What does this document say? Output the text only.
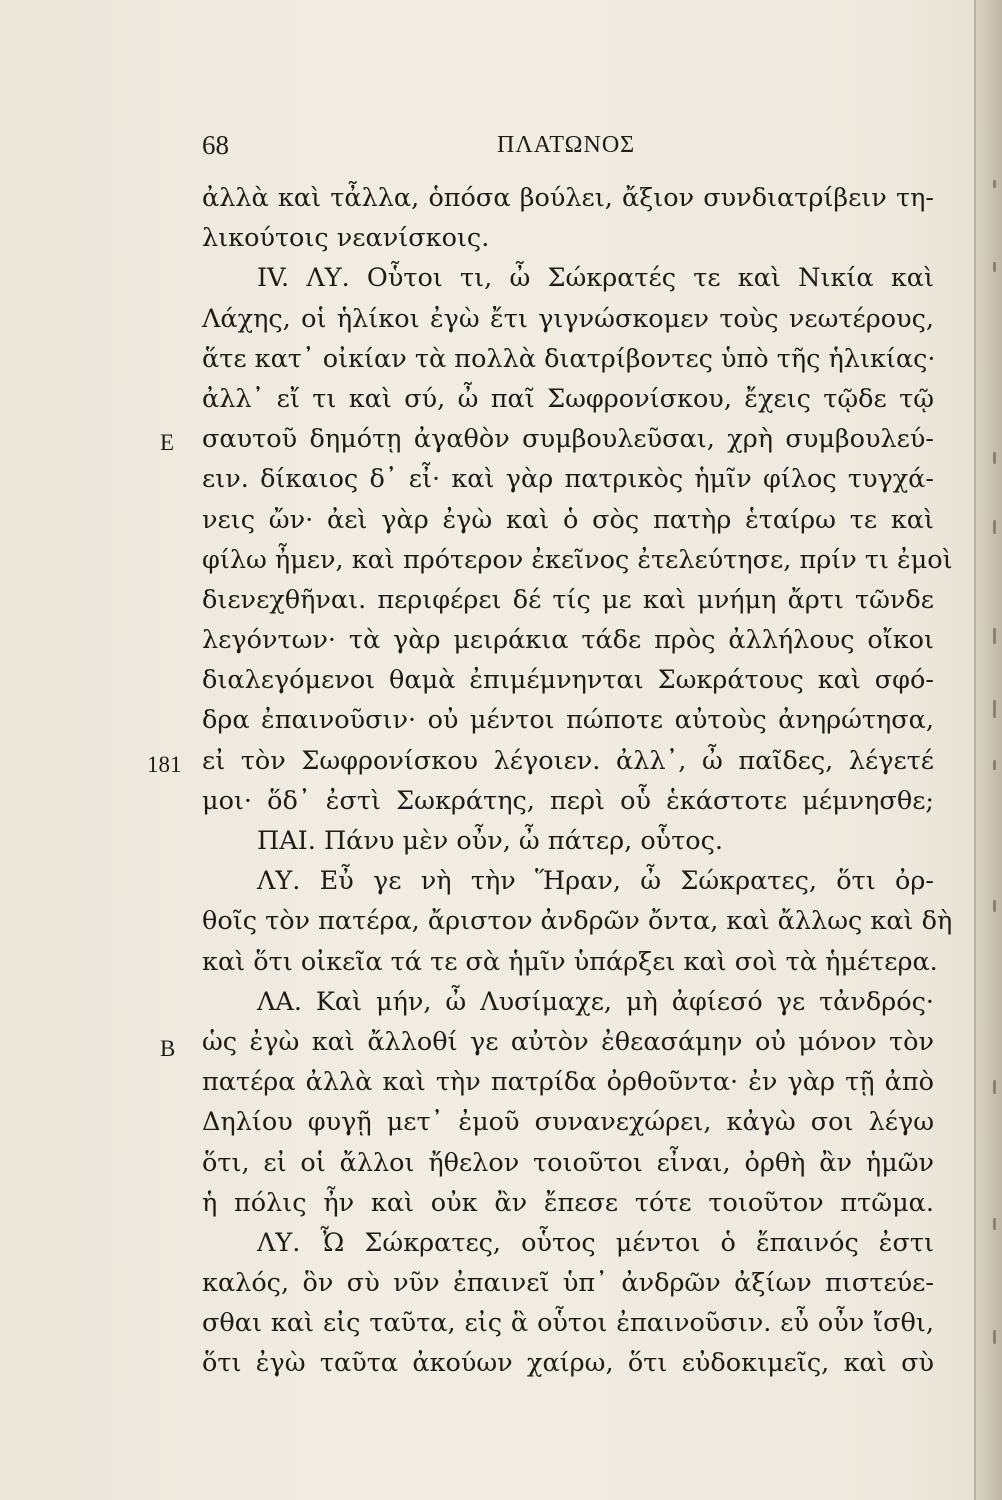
68	ΠΛΑΤΩΝΟΣ
E
181
B
ἀλλὰ καὶ τἆλλα, ὁπόσα βούλει, ἄξιον συνδιατρίβειν τη-
λικούτοις νεανίσκοις.
IV. ΛΥ. Οὗτοι τι, ὦ Σώκρατές τε καὶ Νικία καὶ
Λάχης, οἱ ἡλίκοι ἐγὼ ἔτι γιγνώσκομεν τοὺς νεωτέρους,
ἅτε κατ᾽ οἰκίαν τὰ πολλὰ διατρίβοντες ὑπὸ τῆς ἡλικίας·
ἀλλ᾽ εἴ τι καὶ σύ, ὦ παῖ Σωφρονίσκου, ἔχεις τῷδε τῷ
σαυτοῦ δημότῃ ἀγαθὸν συμβουλεῦσαι, χρὴ συμβουλεύ-
ειν. δίκαιος δ᾽ εἶ· καὶ γὰρ πατρικὸς ἡμῖν φίλος τυγχά-
νεις ὤν· ἀεὶ γὰρ ἐγὼ καὶ ὁ σὸς πατὴρ ἑταίρω τε καὶ
φίλω ἦμεν, καὶ πρότερον ἐκεῖνος ἐτελεύτησε, πρίν τι ἐμοὶ
διενεχθῆναι. περιφέρει δέ τίς με καὶ μνήμη ἄρτι τῶνδε
λεγόντων· τὰ γὰρ μειράκια τάδε πρὸς ἀλλήλους οἴκοι
διαλεγόμενοι θαμὰ ἐπιμέμνηνται Σωκράτους καὶ σφό-
δρα ἐπαινοῦσιν· οὐ μέντοι πώποτε αὐτοὺς ἀνηρώτησα,
εἰ τὸν Σωφρονίσκου λέγοιεν. ἀλλ᾽, ὦ παῖδες, λέγετέ
μοι· ὅδ᾽ ἐστὶ Σωκράτης, περὶ οὗ ἑκάστοτε μέμνησθε;
ΠΑΙ. Πάνυ μὲν οὖν, ὦ πάτερ, οὗτος.
ΛΥ. Εὖ γε νὴ τὴν Ἥραν, ὦ Σώκρατες, ὅτι ὀρ-
θοῖς τὸν πατέρα, ἄριστον ἀνδρῶν ὄντα, καὶ ἄλλως καὶ δὴ
καὶ ὅτι οἰκεῖα τά τε σὰ ἡμῖν ὑπάρξει καὶ σοὶ τὰ ἡμέτερα.
ΛΑ. Καὶ μήν, ὦ Λυσίμαχε, μὴ ἀφίεσό γε τἀνδρός·
ὡς ἐγὼ καὶ ἄλλοθί γε αὐτὸν ἐθεασάμην οὐ μόνον τὸν
πατέρα ἀλλὰ καὶ τὴν πατρίδα ὀρθοῦντα· ἐν γὰρ τῇ ἀπὸ
Δηλίου φυγῇ μετ᾽ ἐμοῦ συνανεχώρει, κἀγὼ σοι λέγω
ὅτι, εἰ οἱ ἄλλοι ἤθελον τοιοῦτοι εἶναι, ὀρθὴ ἂν ἡμῶν
ἡ πόλις ἦν καὶ οὐκ ἂν ἔπεσε τότε τοιοῦτον πτῶμα.
ΛΥ. Ὦ Σώκρατες, οὗτος μέντοι ὁ ἔπαινός ἐστι
καλός, ὃν σὺ νῦν ἐπαινεῖ ὑπ᾽ ἀνδρῶν ἀξίων πιστεύε-
σθαι καὶ εἰς ταῦτα, εἰς ἃ οὗτοι ἐπαινοῦσιν. εὖ οὖν ἴσθι,
ὅτι ἐγὼ ταῦτα ἀκούων χαίρω, ὅτι εὐδοκιμεῖς, καὶ σὺ
